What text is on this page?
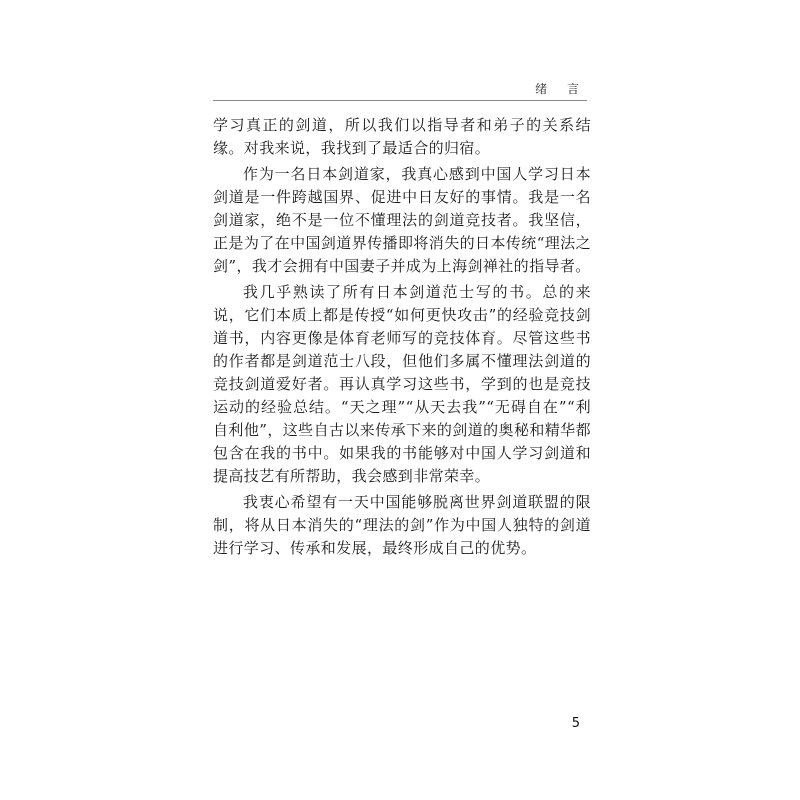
绪 言

学习真正的剑道，所以我们以指导者和弟子的关系结缘。对我来说，我找到了最适合的归宿。

作为一名日本剑道家，我真心感到中国人学习日本剑道是一件跨越国界、促进中日友好的事情。我是一名剑道家，绝不是一位不懂理法的剑道竞技者。我坚信，正是为了在中国剑道界传播即将消失的日本传统“理法之剑”，我才会拥有中国妻子并成为上海剑禅社的指导者。

我几乎熟读了所有日本剑道范士写的书。总的来说，它们本质上都是传授“如何更快攻击”的经验竞技剑道书，内容更像是体育老师写的竞技体育。尽管这些书的作者都是剑道范士八段，但他们多属不懂理法剑道的竞技剑道爱好者。再认真学习这些书，学到的也是竞技运动的经验总结。“天之理”“从天去我”“无碍自在”“利自利他”，这些自古以来传承下来的剑道的奥秘和精华都包含在我的书中。如果我的书能够对中国人学习剑道和提高技艺有所帮助，我会感到非常荣幸。

我衷心希望有一天中国能够脱离世界剑道联盟的限制，将从日本消失的“理法的剑”作为中国人独特的剑道进行学习、传承和发展，最终形成自己的优势。

5
